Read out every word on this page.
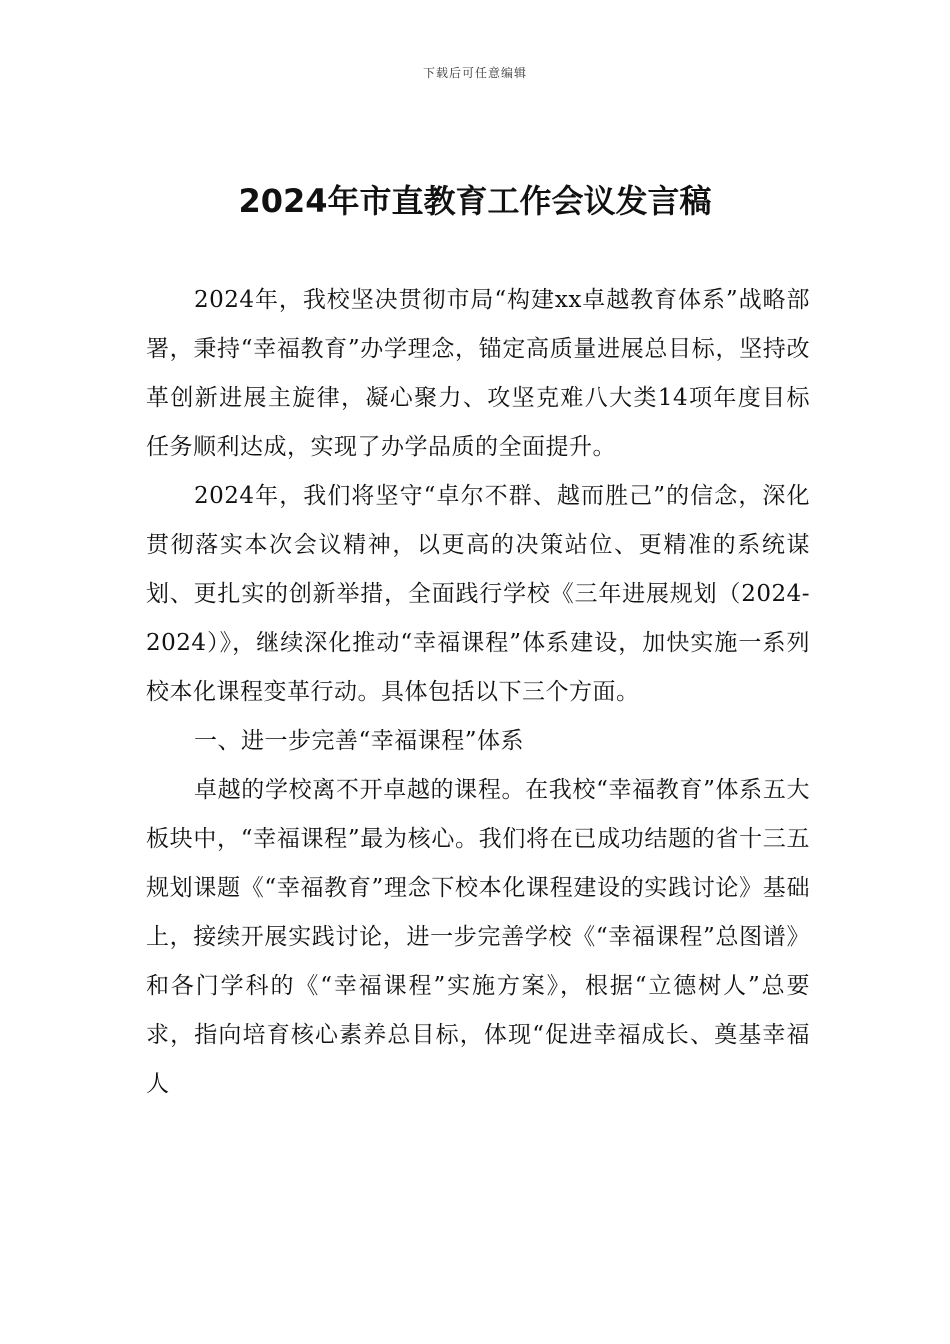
下载后可任意编辑
2024年市直教育工作会议发言稿

2024年，我校坚决贯彻市局“构建xx卓越教育体系”战略部署，秉持“幸福教育”办学理念，锚定高质量进展总目标，坚持改革创新进展主旋律，凝心聚力、攻坚克难八大类14项年度目标任务顺利达成，实现了办学品质的全面提升。

2024年，我们将坚守“卓尔不群、越而胜己”的信念，深化贯彻落实本次会议精神，以更高的决策站位、更精准的系统谋划、更扎实的创新举措，全面践行学校《三年进展规划（2024-2024）》，继续深化推动“幸福课程”体系建设，加快实施一系列校本化课程变革行动。具体包括以下三个方面。

一、进一步完善“幸福课程”体系

卓越的学校离不开卓越的课程。在我校“幸福教育”体系五大板块中，“幸福课程”最为核心。我们将在已成功结题的省十三五规划课题《“幸福教育”理念下校本化课程建设的实践讨论》基础上，接续开展实践讨论，进一步完善学校《“幸福课程”总图谱》和各门学科的《“幸福课程”实施方案》，根据“立德树人”总要求，指向培育核心素养总目标，体现“促进幸福成长、奠基幸福人
